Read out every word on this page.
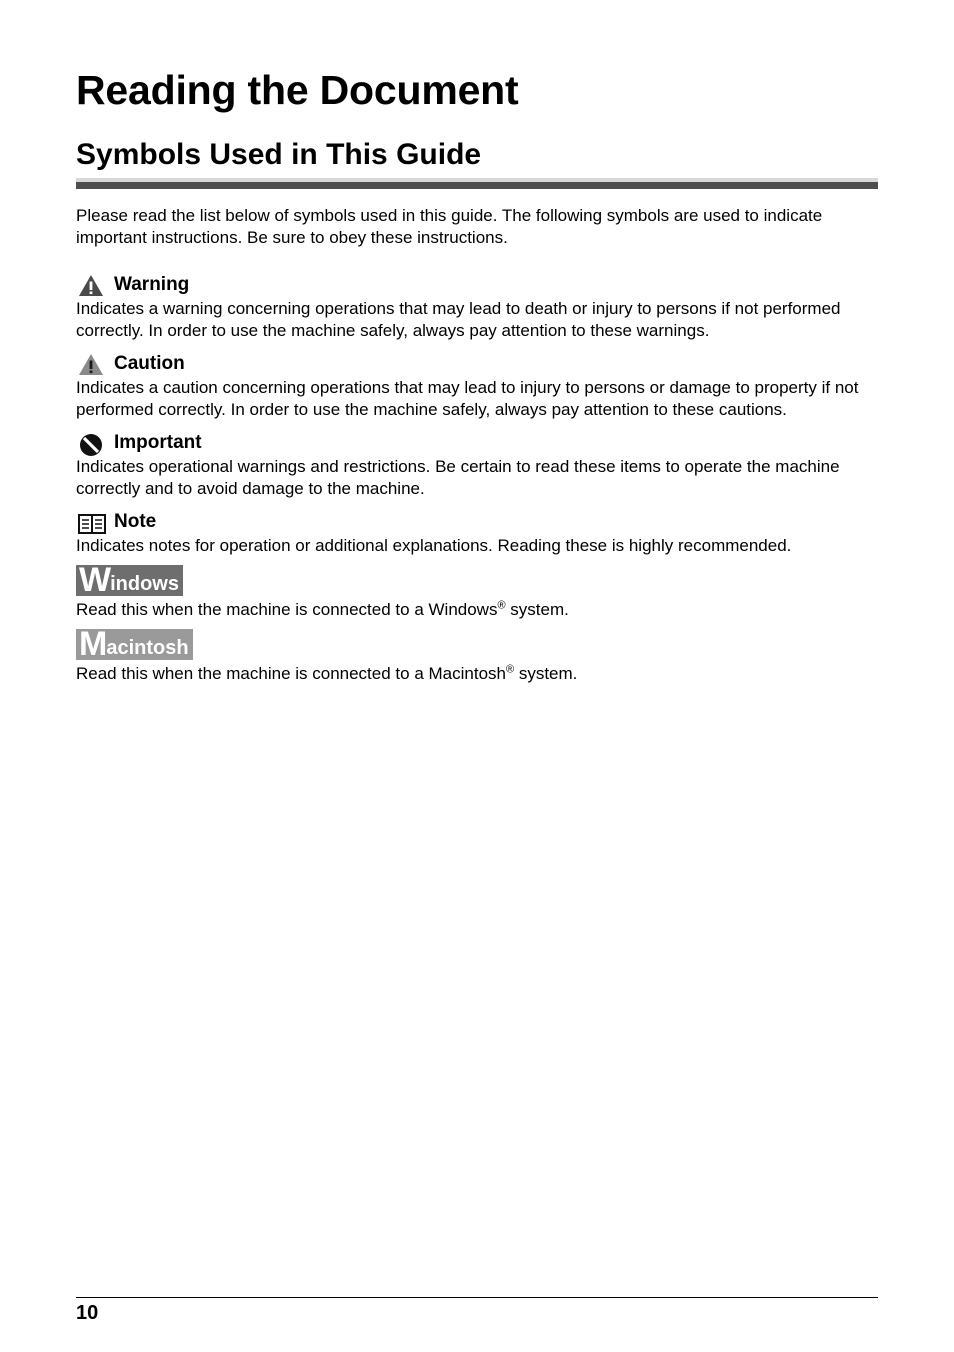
Reading the Document
Symbols Used in This Guide

Please read the list below of symbols used in this guide. The following symbols are used to indicate important instructions. Be sure to obey these instructions.

Warning

Indicates a warning concerning operations that may lead to death or injury to persons if not performed correctly. In order to use the machine safely, always pay attention to these warnings.

Caution

Indicates a caution concerning operations that may lead to injury to persons or damage to property if not performed correctly. In order to use the machine safely, always pay attention to these cautions.

Important

Indicates operational warnings and restrictions. Be certain to read these items to operate the machine correctly and to avoid damage to the machine.

Note

Indicates notes for operation or additional explanations. Reading these is highly recommended.

W indows

Read this when the machine is connected to a Windows® system.

M acintosh

Read this when the machine is connected to a Macintosh® system.

10
